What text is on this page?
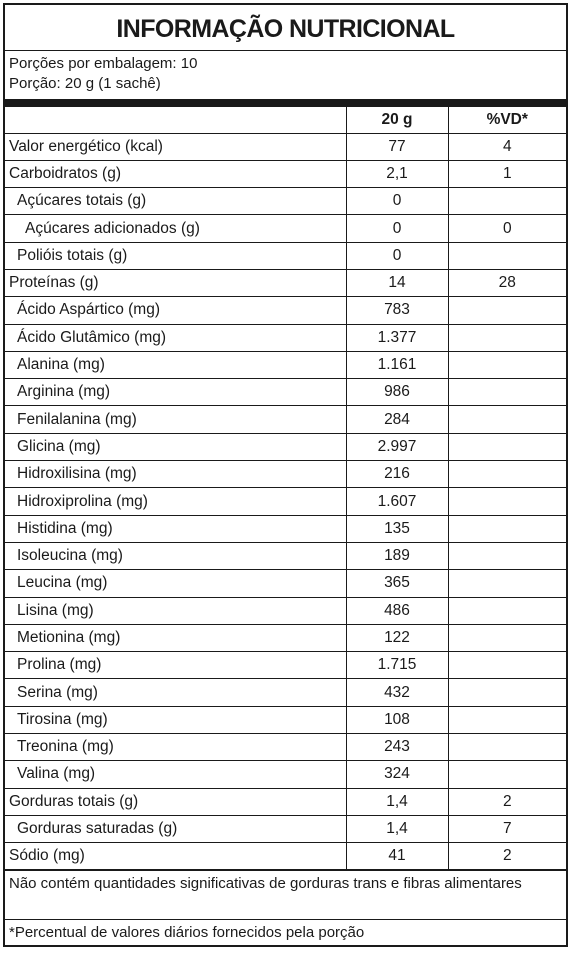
INFORMAÇÃO NUTRICIONAL
Porções por embalagem: 10
Porção: 20 g (1 sachê)
	20 g	%VD*
Valor energético (kcal)	77	4
Carboidratos (g)	2,1	1
Açúcares totais (g)	0	
Açúcares adicionados (g)	0	0
Polióis totais (g)	0	
Proteínas (g)	14	28
Ácido Aspártico (mg)	783	
Ácido Glutâmico (mg)	1.377	
Alanina (mg)	1.161	
Arginina (mg)	986	
Fenilalanina (mg)	284	
Glicina (mg)	2.997	
Hidroxilisina (mg)	216	
Hidroxiprolina (mg)	1.607	
Histidina (mg)	135	
Isoleucina (mg)	189	
Leucina (mg)	365	
Lisina (mg)	486	
Metionina (mg)	122	
Prolina (mg)	1.715	
Serina (mg)	432	
Tirosina (mg)	108	
Treonina (mg)	243	
Valina (mg)	324	
Gorduras totais (g)	1,4	2
Gorduras saturadas (g)	1,4	7
Sódio (mg)	41	2
Não contém quantidades significativas de gorduras trans e fibras alimentares
*Percentual de valores diários fornecidos pela porção
